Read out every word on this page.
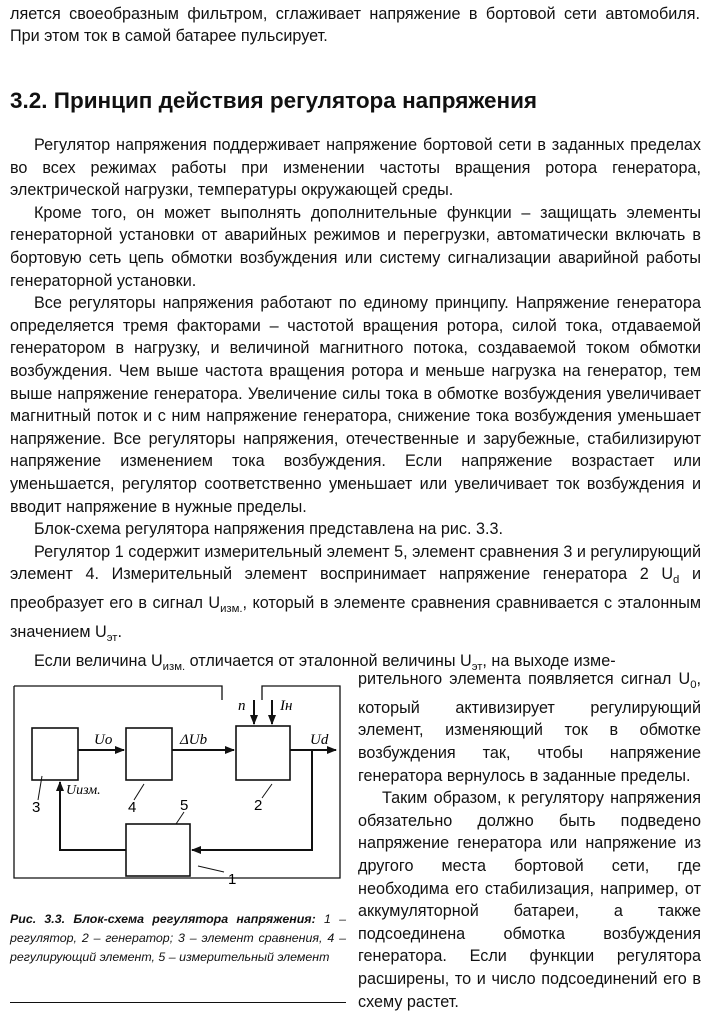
ляется своеобразным фильтром, сглаживает напряжение в бортовой сети автомобиля. При этом ток в самой батарее пульсирует.

3.2. Принцип действия регулятора напряжения

Регулятор напряжения поддерживает напряжение бортовой сети в заданных пределах во всех режимах работы при изменении частоты вращения ротора генератора, электрической нагрузки, температуры окружающей среды.

Кроме того, он может выполнять дополнительные функции – защищать элементы генераторной установки от аварийных режимов и перегрузки, автоматически включать в бортовую сеть цепь обмотки возбуждения или систему сигнализации аварийной работы генераторной установки.

Все регуляторы напряжения работают по единому принципу. Напряжение генератора определяется тремя факторами – частотой вращения ротора, силой тока, отдаваемой генератором в нагрузку, и величиной магнитного потока, создаваемой током обмотки возбуждения. Чем выше частота вращения ротора и меньше нагрузка на генератор, тем выше напряжение генератора. Увеличение силы тока в обмотке возбуждения увеличивает магнитный поток и с ним напряжение генератора, снижение тока возбуждения уменьшает напряжение. Все регуляторы напряжения, отечественные и зарубежные, стабилизируют напряжение изменением тока возбуждения. Если напряжение возрастает или уменьшается, регулятор соответственно уменьшает или увеличивает ток возбуждения и вводит напряжение в нужные пределы.

Блок-схема регулятора напряжения представлена на рис. 3.3.

Регулятор 1 содержит измерительный элемент 5, элемент сравнения 3 и регулирующий элемент 4. Измерительный элемент воспринимает напряжение генератора 2 $U_d$ и преобразует его в сигнал $U_{изм.}$, который в элементе сравнения сравнивается с эталонным значением $U_{эт}$.

Если величина $U_{изм.}$ отличается от эталонной величины $U_{эт}$, на выходе изме-

Uo	ΔUb	Ud
n Iн
Uизм.
1
2
3	4	5
Рис. 3.3. Блок-схема регулятора напряжения: 1 – регулятор, 2 – генератор; 3 – элемент сравнения, 4 – регулирующий элемент, 5 – измерительный элемент

рительного элемента появляется сигнал $U_0$, который активизирует регулирующий элемент, изменяющий ток в обмотке возбуждения так, чтобы напряжение генератора вернулось в заданные пределы.

Таким образом, к регулятору напряжения обязательно должно быть подведено напряжение генератора или напряжение из другого места бортовой сети, где необходима его стабилизация, например, от аккумуляторной батареи, а также подсоединена обмотка возбуждения генератора. Если функции регулятора расширены, то и число подсоединений его в схему растет.
